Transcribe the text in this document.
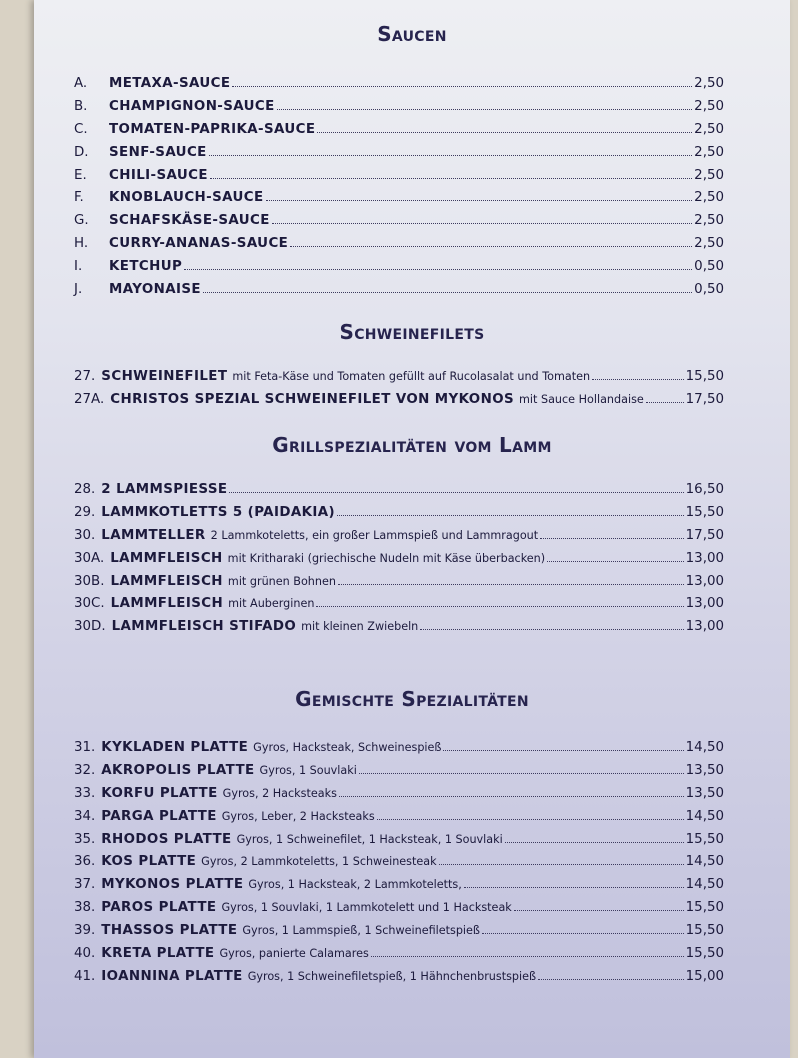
Saucen
A.	METAXA-SAUCE	2,50
B.	CHAMPIGNON-SAUCE	2,50
C.	TOMATEN-PAPRIKA-SAUCE	2,50
D.	SENF-SAUCE	2,50
E.	CHILI-SAUCE	2,50
F.	KNOBLAUCH-SAUCE	2,50
G.	SCHAFSKÄSE-SAUCE	2,50
H.	CURRY-ANANAS-SAUCE	2,50
I.	KETCHUP	0,50
J.	MAYONAISE	0,50
Schweinefilets
27. SCHWEINEFILET mit Feta-Käse und Tomaten gefüllt auf Rucolasalat und Tomaten	15,50
27A. CHRISTOS SPEZIAL SCHWEINEFILET VON MYKONOS mit Sauce Hollandaise	17,50
Grillspezialitäten vom Lamm
28. 2 LAMMSPIESSE	16,50
29. LAMMKOTLETTS 5 (PAIDAKIA)	15,50
30. LAMMTELLER 2 Lammkoteletts, ein großer Lammspieß und Lammragout	17,50
30A. LAMMFLEISCH mit Kritharaki (griechische Nudeln mit Käse überbacken)	13,00
30B. LAMMFLEISCH mit grünen Bohnen	13,00
30C. LAMMFLEISCH mit Auberginen	13,00
30D. LAMMFLEISCH STIFADO mit kleinen Zwiebeln	13,00
Gemischte Spezialitäten
31. KYKLADEN PLATTE Gyros, Hacksteak, Schweinespieß	14,50
32. AKROPOLIS PLATTE Gyros, 1 Souvlaki	13,50
33. KORFU PLATTE Gyros, 2 Hacksteaks	13,50
34. PARGA PLATTE Gyros, Leber, 2 Hacksteaks	14,50
35. RHODOS PLATTE Gyros, 1 Schweinefilet, 1 Hacksteak, 1 Souvlaki	15,50
36. KOS PLATTE Gyros, 2 Lammkoteletts, 1 Schweinesteak	14,50
37. MYKONOS PLATTE Gyros, 1 Hacksteak, 2 Lammkoteletts,	14,50
38. PAROS PLATTE Gyros, 1 Souvlaki, 1 Lammkotelett und 1 Hacksteak	15,50
39. THASSOS PLATTE Gyros, 1 Lammspieß, 1 Schweinefiletspieß	15,50
40. KRETA PLATTE Gyros, panierte Calamares	15,50
41. IOANNINA PLATTE Gyros, 1 Schweinefiletspieß, 1 Hähnchenbrustspieß	15,00
